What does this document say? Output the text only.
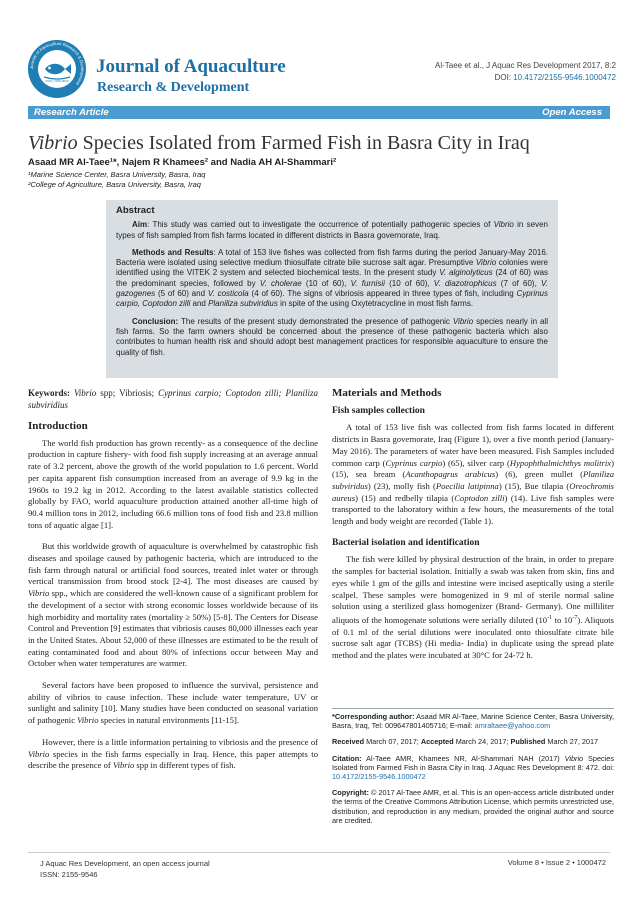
Journal of Aquaculture Research & Development
ISSN: 2155-9546
Journal of Aquaculture
Research & Development
Al-Taee et al., J Aquac Res Development 2017, 8:2
DOI: 10.4172/2155-9546.1000472
Research Article	Open Access
Vibrio Species Isolated from Farmed Fish in Basra City in Iraq
Asaad MR Al-Taee¹*, Najem R Khamees² and Nadia AH Al-Shammari²
¹Marine Science Center, Basra University, Basra, Iraq
²College of Agriculture, Basra University, Basra, Iraq
Abstract

Aim: This study was carried out to investigate the occurrence of potentially pathogenic species of Vibrio in seven types of fish sampled from fish farms located in different districts in Basra governorate, Iraq.

Methods and Results: A total of 153 live fishes was collected from fish farms during the period January-May 2016. Bacteria were isolated using selective medium thiosulfate citrate bile sucrose salt agar. Presumptive Vibrio colonies were identified using the VITEK 2 system and selected biochemical tests. In the present study V. alginolyticus (24 of 60) was the predominant species, followed by V. cholerae (10 of 60), V. furnisii (10 of 60), V. diazotrophicus (7 of 60), V. gazogenes (5 of 60) and V. costicola (4 of 60). The signs of vibriosis appeared in three types of fish, including Cyprinus carpio, Coptodon zilli and Planiliza subviridius in spite of the using Oxytetracycline in most fish farms.

Conclusion: The results of the present study demonstrated the presence of pathogenic Vibrio species nearly in all fish farms. So the farm owners should be concerned about the presence of these pathogenic bacteria which also contributes to human health risk and should adopt best management practices for responsible aquaculture to ensure the quality of fish.

Keywords: Vibrio spp; Vibriosis; Cyprinus carpio; Coptodon zilli; Planiliza subviridius
Introduction

The world fish production has grown recently- as a consequence of the decline production in capture fishery- with food fish supply increasing at an average annual rate of 3.2 percent, above the growth of the world population to 1.6 percent. World per capita apparent fish consumption increased from an average of 9.9 kg in the 1960s to 19.2 kg in 2012. According to the latest available statistics collected globally by FAO, world aquaculture production attained another all-time high of 90.4 million tons in 2012, including 66.6 million tons of food fish and 23.8 million tons of aquatic algae [1].

But this worldwide growth of aquaculture is overwhelmed by catastrophic fish diseases and spoilage caused by pathogenic bacteria, which are introduced to the fish farm through natural or artificial food sources, treated inlet water or through vertical transmission from brood stock [2-4]. The most diseases are caused by Vibrio spp., which are considered the well-known cause of a significant problem for the development of a sector with strong economic losses worldwide because of its high morbidity and mortality rates (mortality ≥ 50%) [5-8]. The Centers for Disease Control and Prevention [9] estimates that vibriosis causes 80,000 illnesses each year in the United States. About 52,000 of these illnesses are estimated to be the result of eating contaminated food and about 80% of infections occur between May and October when water temperatures are warmer.

Several factors have been proposed to influence the survival, persistence and ability of vibrios to cause infection. These include water temperature, UV or sunlight and salinity [10]. Many studies have been conducted on seasonal variation of pathogenic Vibrio species in natural environments [11-15].

However, there is a little information pertaining to vibriosis and the presence of Vibrio species in the fish farms especially in Iraq. Hence, this paper attempts to describe the presence of Vibrio spp in different types of fish.

Materials and Methods
Fish samples collection

A total of 153 live fish was collected from fish farms located in different districts in Basra governorate, Iraq (Figure 1), over a five month period (January- May 2016). The parameters of water have been measured. Fish Samples included common carp (Cyprinus carpio) (65), silver carp (Hypophthalmichthys molitrix) (15), sea bream (Acanthopagrus arabicus) (6), green mullet (Planiliza subviridus) (23), molly fish (Poecilia latipinna) (15), Bue tilapia (Oreochromis aureus) (15) and redbelly tilapia (Coptodon zilli) (14). Live fish samples were transported to the laboratory within a few hours, the measurements of the total length and body weight are recorded (Table 1).

Bacterial isolation and identification

The fish were killed by physical destruction of the brain, in order to prepare the samples for bacterial isolation. Initially a swab was taken from skin, fins and eyes while 1 gm of the gills and intestine were incised aseptically using a sterile scalpel. These samples were homogenized in 9 ml of sterile normal saline solution using a sterilized glass homogenizer (Brand- Germany). One milliliter aliquots of the homogenate solutions were serially diluted ($10^{-1}$ to $10^{-7}$). Aliquots of 0.1 ml of the serial dilutions were inoculated onto thiosulfate citrate bile sucrose salt agar (TCBS) (Hi media- India) in duplicate using the spread plate method and the plates were incubated at 30°C for 24-72 h.

*Corresponding author: Asaad MR Al-Taee, Marine Science Center, Basra University, Basra, Iraq, Tel: 009647801405716; E-mail: amraltaee@yahoo.com

Received March 07, 2017; Accepted March 24, 2017; Published March 27, 2017

Citation: Al-Taee AMR, Khamees NR, Al-Shammari NAH (2017) Vibrio Species Isolated from Farmed Fish in Basra City in Iraq. J Aquac Res Development 8: 472. doi: 10.4172/2155-9546.1000472

Copyright: © 2017 Al-Taee AMR, et al. This is an open-access article distributed under the terms of the Creative Commons Attribution License, which permits unrestricted use, distribution, and reproduction in any medium, provided the original author and source are credited.

J Aquac Res Development, an open access journal
ISSN: 2155-9546
Volume 8 • Issue 2 • 1000472
